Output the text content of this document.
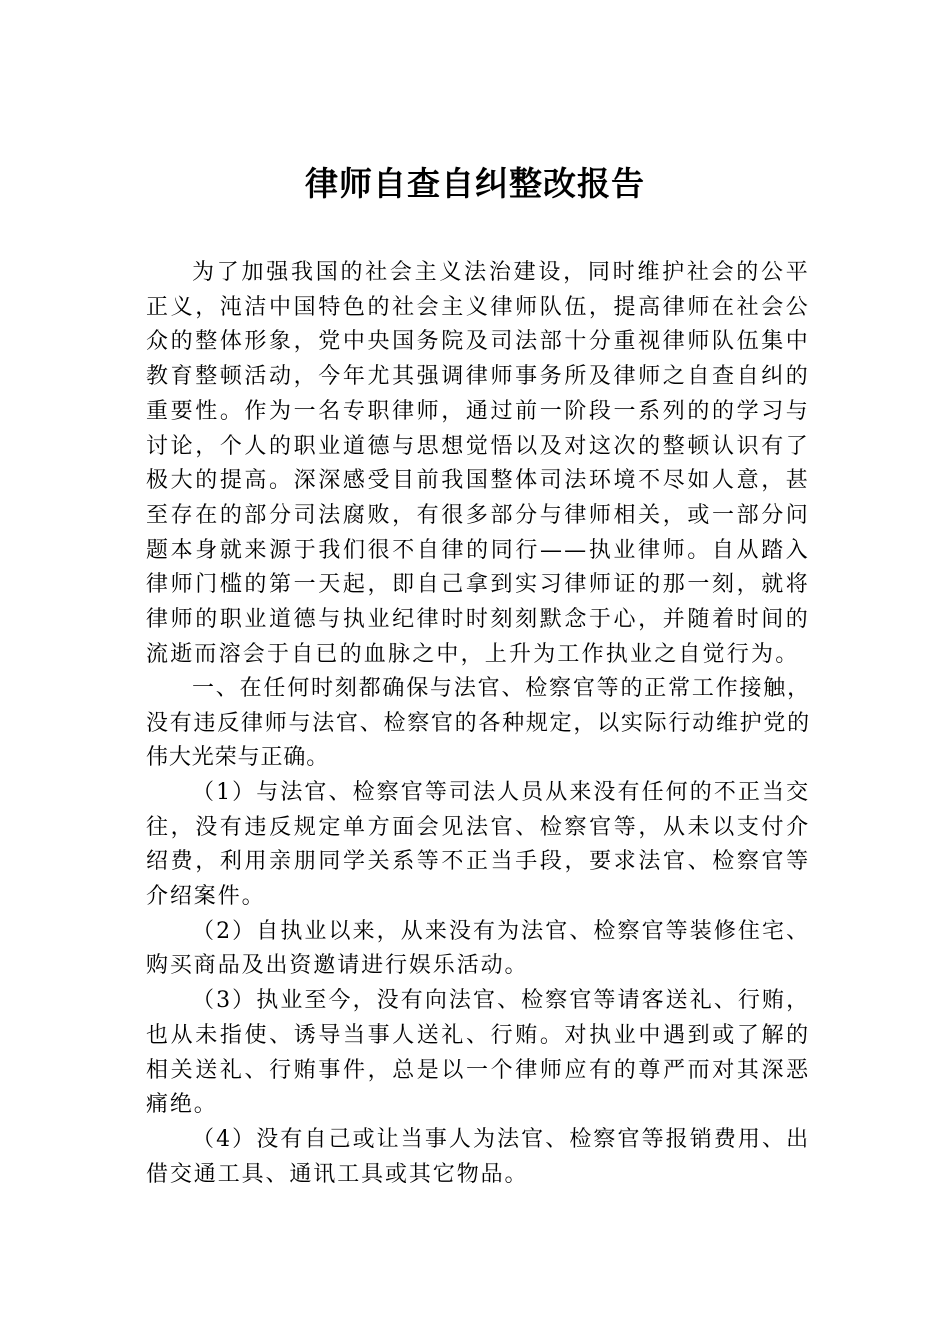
律师自查自纠整改报告

为了加强我国的社会主义法治建设，同时维护社会的公平正义，沌洁中国特色的社会主义律师队伍，提高律师在社会公众的整体形象，党中央国务院及司法部十分重视律师队伍集中教育整顿活动，今年尤其强调律师事务所及律师之自查自纠的重要性。作为一名专职律师，通过前一阶段一系列的的学习与讨论，个人的职业道德与思想觉悟以及对这次的整顿认识有了极大的提高。深深感受目前我国整体司法环境不尽如人意，甚至存在的部分司法腐败，有很多部分与律师相关，或一部分问题本身就来源于我们很不自律的同行——执业律师。自从踏入律师门槛的第一天起，即自己拿到实习律师证的那一刻，就将律师的职业道德与执业纪律时时刻刻默念于心，并随着时间的流逝而溶会于自已的血脉之中，上升为工作执业之自觉行为。

一、在任何时刻都确保与法官、检察官等的正常工作接触，没有违反律师与法官、检察官的各种规定，以实际行动维护党的伟大光荣与正确。

（1）与法官、检察官等司法人员从来没有任何的不正当交往，没有违反规定单方面会见法官、检察官等，从未以支付介绍费，利用亲朋同学关系等不正当手段，要求法官、检察官等介绍案件。

（2）自执业以来，从来没有为法官、检察官等装修住宅、购买商品及出资邀请进行娱乐活动。

（3）执业至今，没有向法官、检察官等请客送礼、行贿，也从未指使、诱导当事人送礼、行贿。对执业中遇到或了解的相关送礼、行贿事件，总是以一个律师应有的尊严而对其深恶痛绝。

（4）没有自己或让当事人为法官、检察官等报销费用、出借交通工具、通讯工具或其它物品。
